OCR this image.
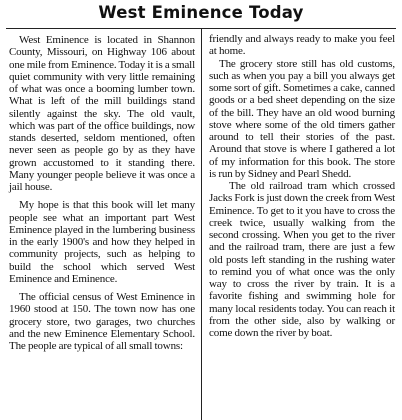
West Eminence Today

West Eminence is located in Shannon County, Missouri, on Highway 106 about one mile from Eminence. Today it is a small quiet community with very little remaining of what was once a booming lumber town. What is left of the mill buildings stand silently against the sky. The old vault, which was part of the office buildings, now stands deserted, seldom mentioned, often never seen as people go by as they have grown accustomed to it standing there. Many younger people believe it was once a jail house.

My hope is that this book will let many people see what an important part West Eminence played in the lumbering business in the early 1900's and how they helped in community projects, such as helping to build the school which served West Eminence and Eminence.

The official census of West Eminence in 1960 stood at 150. The town now has one grocery store, two garages, two churches and the new Eminence Elementary School. The people are typical of all small towns:

friendly and always ready to make you feel at home.

The grocery store still has old customs, such as when you pay a bill you always get some sort of gift. Sometimes a cake, canned goods or a bed sheet depending on the size of the bill. They have an old wood burning stove where some of the old timers gather around to tell their stories of the past. Around that stove is where I gathered a lot of my information for this book. The store is run by Sidney and Pearl Shedd.

The old railroad tram which crossed Jacks Fork is just down the creek from West Eminence. To get to it you have to cross the creek twice, usually walking from the second crossing. When you get to the river and the railroad tram, there are just a few old posts left standing in the rushing water to remind you of what once was the only way to cross the river by train. It is a favorite fishing and swimming hole for many local residents today. You can reach it from the other side, also by walking or come down the river by boat.
